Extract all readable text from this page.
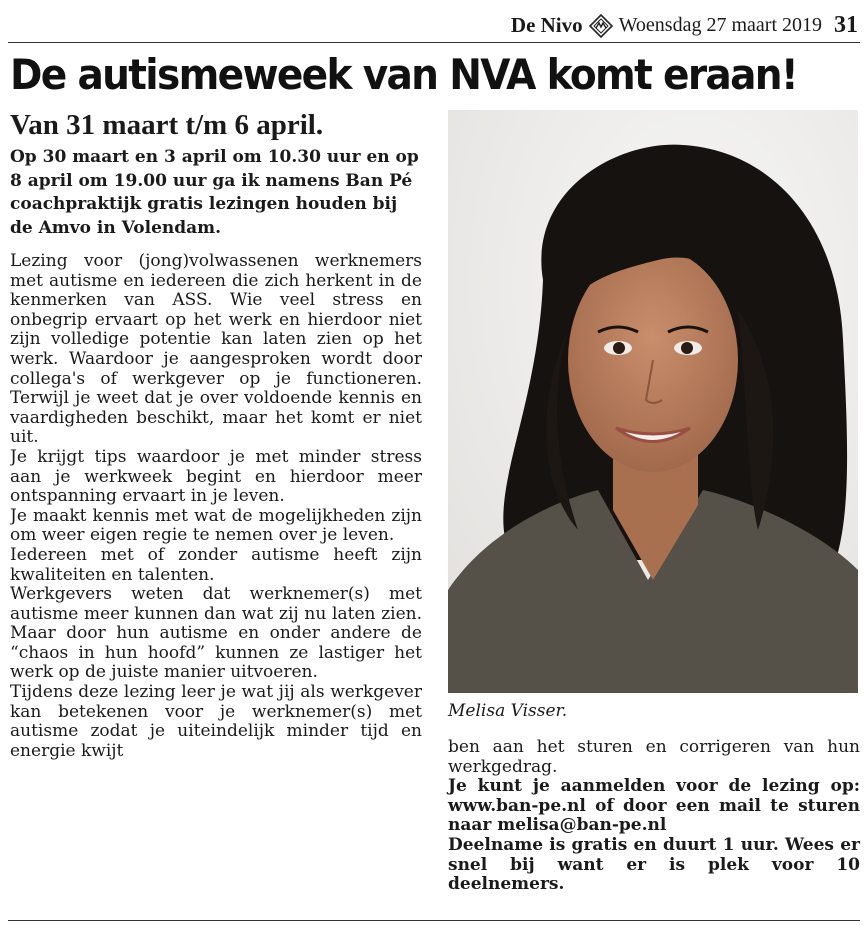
De Nivo Woensdag 27 maart 2019 31
De autismeweek van NVA komt eraan!
Van 31 maart t/m 6 april.

Op 30 maart en 3 april om 10.30 uur en op 8 april om 19.00 uur ga ik namens Ban Pé coachpraktijk gratis lezingen houden bij de Amvo in Volendam.

Lezing voor (jong)volwassenen werknemers met autisme en iedereen die zich herkent in de kenmerken van ASS. Wie veel stress en onbegrip ervaart op het werk en hierdoor niet zijn volledige potentie kan laten zien op het werk. Waardoor je aangesproken wordt door collega's of werkgever op je functioneren. Terwijl je weet dat je over voldoende kennis en vaardigheden beschikt, maar het komt er niet uit.

Je krijgt tips waardoor je met minder stress aan je werkweek begint en hierdoor meer ontspanning ervaart in je leven.

Je maakt kennis met wat de mogelijkheden zijn om weer eigen regie te nemen over je leven.

Iedereen met of zonder autisme heeft zijn kwaliteiten en talenten.

Werkgevers weten dat werknemer(s) met autisme meer kunnen dan wat zij nu laten zien. Maar door hun autisme en onder andere de “chaos in hun hoofd” kunnen ze lastiger het werk op de juiste manier uitvoeren.

Tijdens deze lezing leer je wat jij als werkgever kan betekenen voor je werknemer(s) met autisme zodat je uiteindelijk minder tijd en energie kwijt

Melisa Visser.

ben aan het sturen en corrigeren van hun werkgedrag.

Je kunt je aanmelden voor de lezing op: www.ban-pe.nl of door een mail te sturen naar melisa@ban-pe.nl

Deelname is gratis en duurt 1 uur. Wees er snel bij want er is plek voor 10 deelnemers.
